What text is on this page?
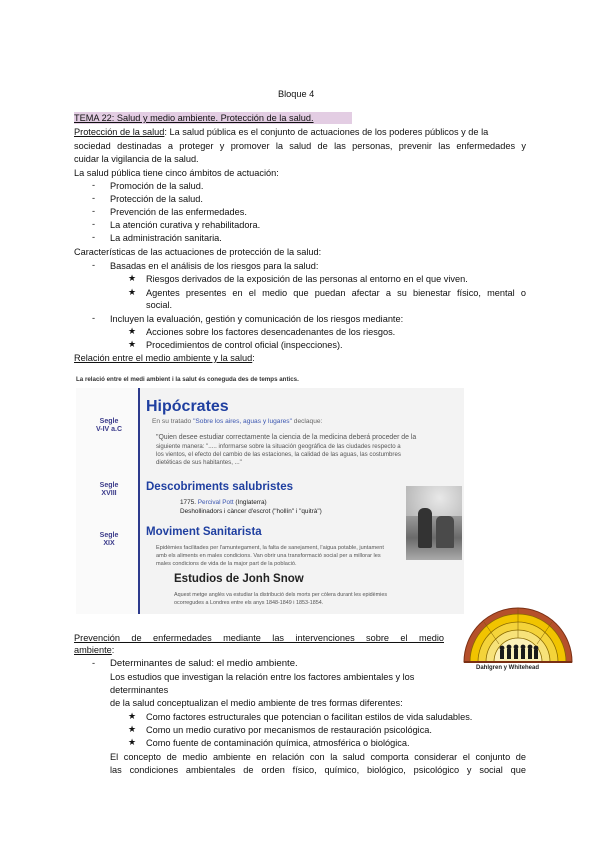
Bloque 4
TEMA 22: Salud y medio ambiente. Protección de la salud.
Protección de la salud: La salud pública es el conjunto de actuaciones de los poderes públicos y de la
sociedad destinadas a proteger y promover la salud de las personas, prevenir las enfermedades y
cuidar la vigilancia de la salud.
La salud pública tiene cinco ámbitos de actuación:
- Promoción de la salud.
- Protección de la salud.
- Prevención de las enfermedades.
- La atención curativa y rehabilitadora.
- La administración sanitaria.
Características de las actuaciones de protección de la salud:
- Basadas en el análisis de los riesgos para la salud:
★ Riesgos derivados de la exposición de las personas al entorno en el que viven.
★ Agentes presentes en el medio que puedan afectar a su bienestar físico, mental o
social.
- Incluyen la evaluación, gestión y comunicación de los riesgos mediante:
★ Acciones sobre los factores desencadenantes de los riesgos.
★ Procedimientos de control oficial (inspecciones).
Relación entre el medio ambiente y la salud:
La relació entre el medi ambient i la salut és coneguda des de temps antics.
Segle
V-IV a.C
Segle
XVIII
Segle
XIX
Hipócrates
En su tratado "Sobre los aires, aguas y lugares" declaque:
"Quien desee estudiar correctamente la ciencia de la medicina deberá proceder de la
siguiente manera: "..... informarse sobre la situación geográfica de las ciudades respecto a
los vientos, el efecto del cambio de las estaciones, la calidad de las aguas, las costumbres
dietéticas de sus habitantes, ..."
Descobriments salubristes
1775. Percival Pott (Inglaterra)
Deshollinadors i càncer d'escrot ("hollín" i "quitrà")
Moviment Sanitarista
Epidèmies facilitades per l'amuntegament, la falta de sanejament, l'aigua potable, juntament
amb els aliments en males condicions. Van obrir una transformació social per a millorar les
males condicions de vida de la major part de la població.
Estudios de Jonh Snow
Aquest metge anglès va estudiar la distribució dels morts per còlera durant les epidèmies
ocorregudes a Londres entre els anys 1848-1849 i 1853-1854.
Dahlgren y Whitehead
Prevención de enfermedades mediante las intervenciones sobre el medio
ambiente:
- Determinantes de salud: el medio ambiente.
Los estudios que investigan la relación entre los factores ambientales y los
determinantes
de la salud conceptualizan el medio ambiente de tres formas diferentes:
★ Como factores estructurales que potencian o facilitan estilos de vida saludables.
★ Como un medio curativo por mecanismos de restauración psicológica.
★ Como fuente de contaminación química, atmosférica o biológica.
El concepto de medio ambiente en relación con la salud comporta considerar el conjunto de
las condiciones ambientales de orden físico, químico, biológico, psicológico y social que
